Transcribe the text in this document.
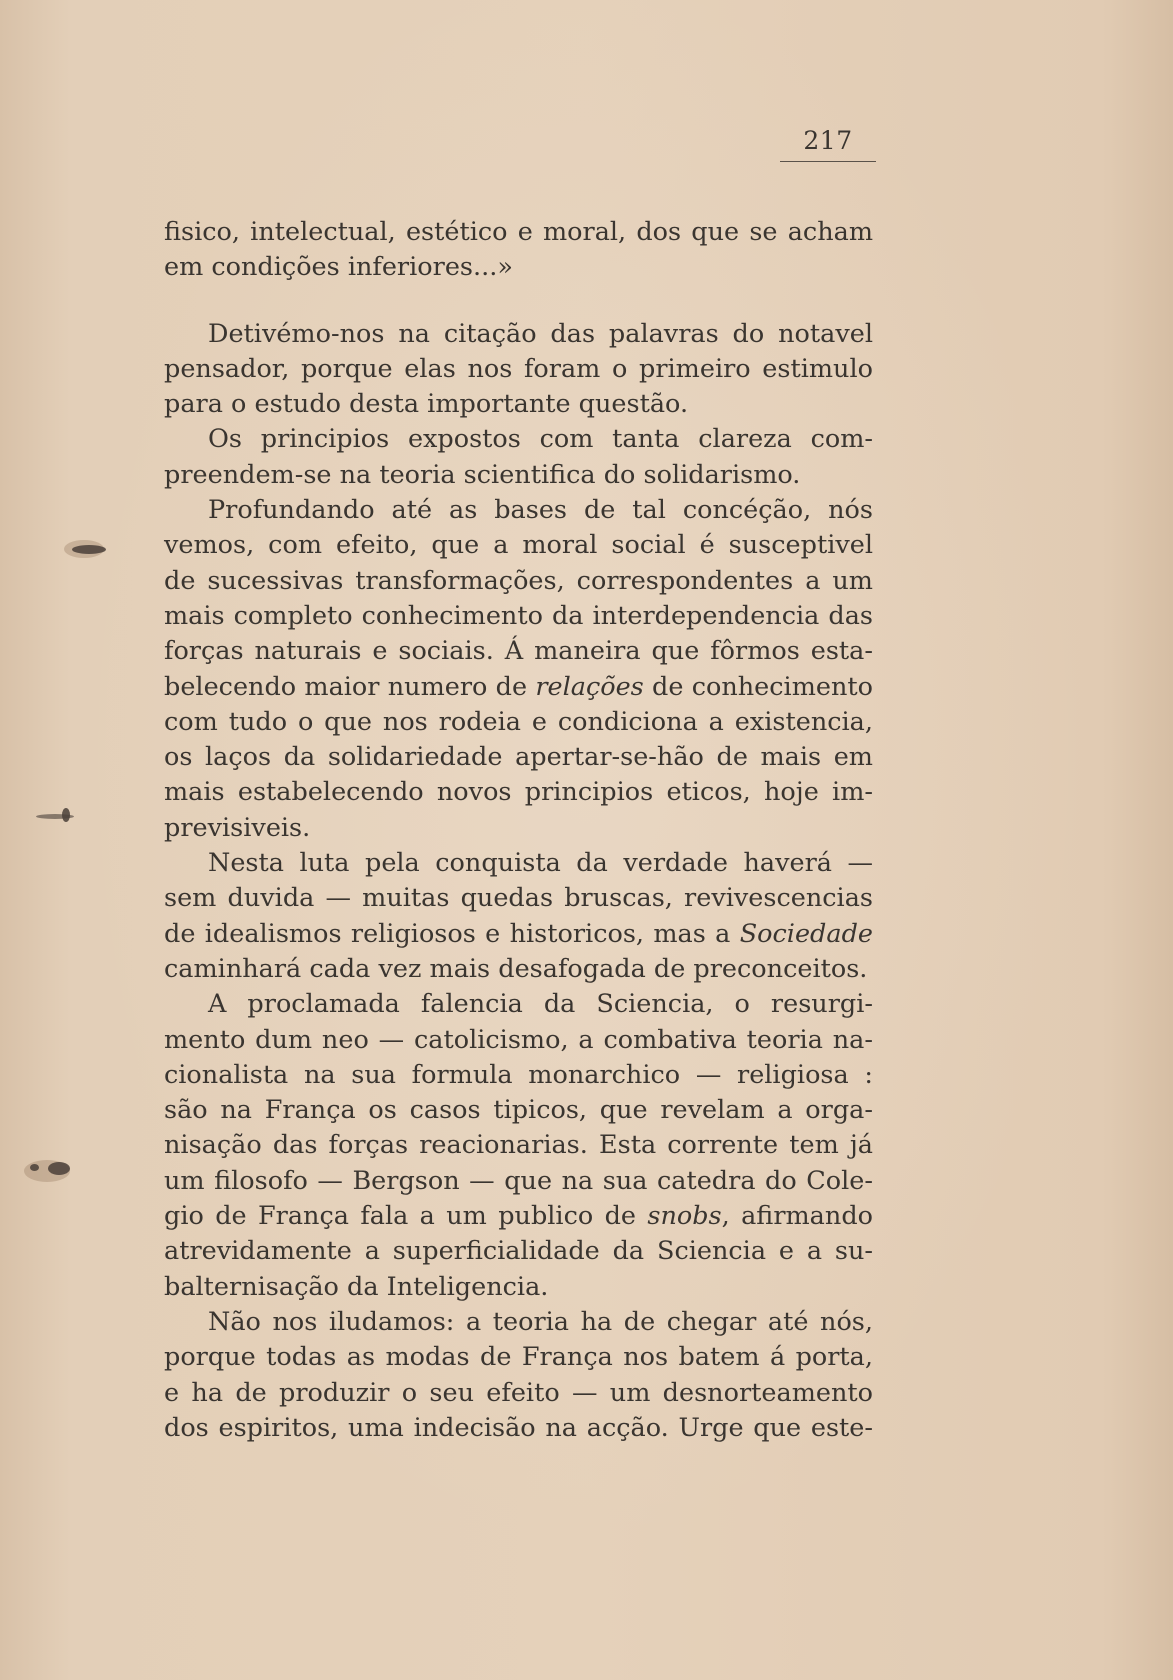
217
fisico, intelectual, estético e moral, dos que se acham
em condições inferiores...»
Detivémo-nos na citação das palavras do notavel
pensador, porque elas nos foram o primeiro estimulo
para o estudo desta importante questão.
Os principios expostos com tanta clareza com-
preendem-se na teoria scientifica do solidarismo.
Profundando até as bases de tal concéção, nós
vemos, com efeito, que a moral social é susceptivel
de sucessivas transformações, correspondentes a um
mais completo conhecimento da interdependencia das
forças naturais e sociais. Á maneira que fôrmos esta-
belecendo maior numero de relações de conhecimento
com tudo o que nos rodeia e condiciona a existencia,
os laços da solidariedade apertar-se-hão de mais em
mais estabelecendo novos principios eticos, hoje im-
previsiveis.
Nesta luta pela conquista da verdade haverá —
sem duvida — muitas quedas bruscas, revivescencias
de idealismos religiosos e historicos, mas a Sociedade
caminhará cada vez mais desafogada de preconceitos.
A proclamada falencia da Sciencia, o resurgi-
mento dum neo — catolicismo, a combativa teoria na-
cionalista na sua formula monarchico — religiosa :
são na França os casos tipicos, que revelam a orga-
nisação das forças reacionarias. Esta corrente tem já
um filosofo — Bergson — que na sua catedra do Cole-
gio de França fala a um publico de snobs, afirmando
atrevidamente a superficialidade da Sciencia e a su-
balternisação da Inteligencia.
Não nos iludamos: a teoria ha de chegar até nós,
porque todas as modas de França nos batem á porta,
e ha de produzir o seu efeito — um desnorteamento
dos espiritos, uma indecisão na acção. Urge que este-
